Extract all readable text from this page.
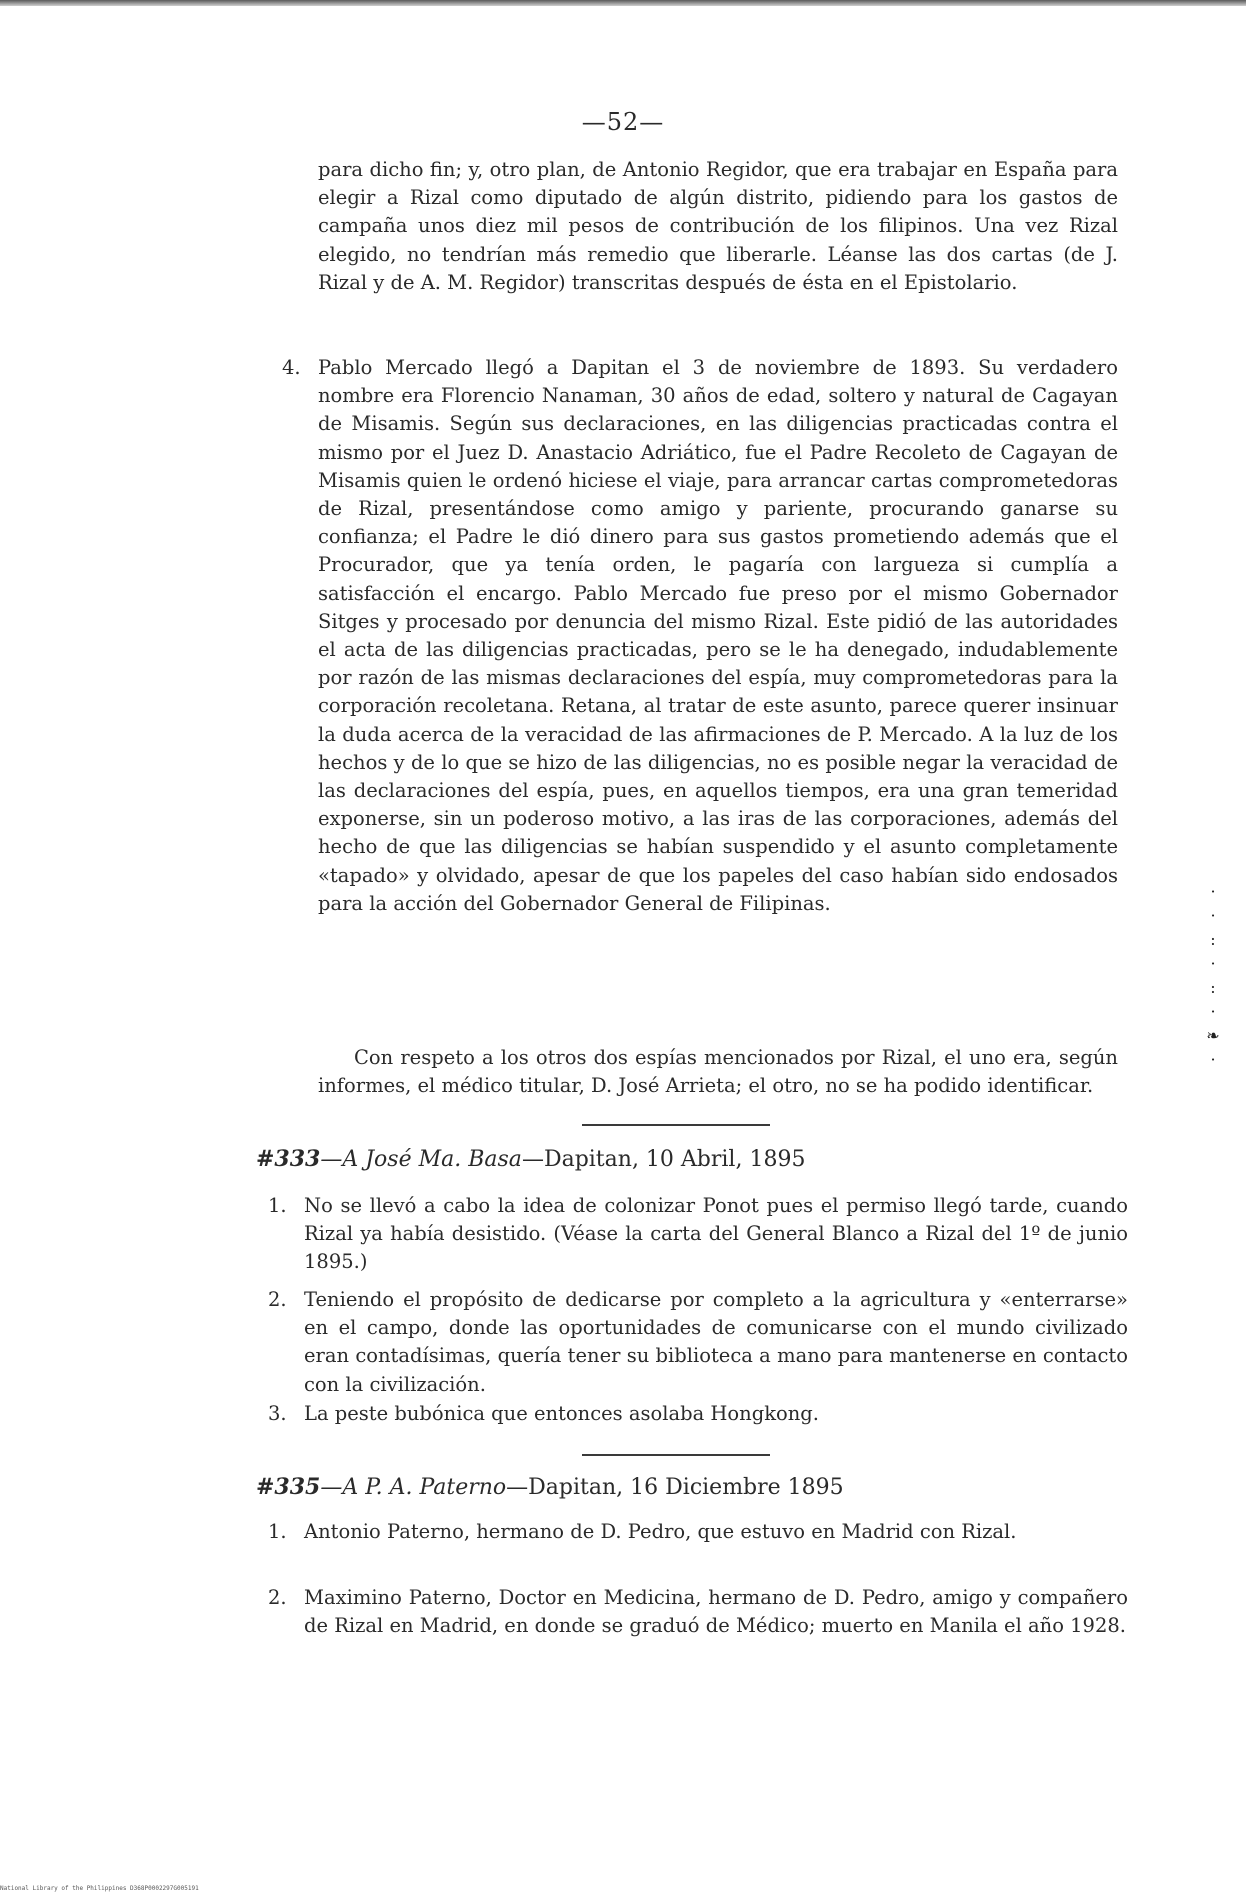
—52—

para dicho fin; y, otro plan, de Antonio Regidor, que era trabajar en España para elegir a Rizal como diputado de algún distrito, pidiendo para los gastos de campaña unos diez mil pesos de contribución de los filipinos. Una vez Rizal elegido, no tendrían más remedio que liberarle. Léanse las dos cartas (de J. Rizal y de A. M. Regidor) transcritas después de ésta en el Epistolario.

4. Pablo Mercado llegó a Dapitan el 3 de noviembre de 1893. Su verdadero nombre era Florencio Nanaman, 30 años de edad, soltero y natural de Cagayan de Misamis. Según sus declaraciones, en las diligencias practicadas contra el mismo por el Juez D. Anastacio Adriático, fue el Padre Recoleto de Cagayan de Misamis quien le ordenó hiciese el viaje, para arrancar cartas comprometedoras de Rizal, presentándose como amigo y pariente, procurando ganarse su confianza; el Padre le dió dinero para sus gastos prometiendo además que el Procurador, que ya tenía orden, le pagaría con largueza si cumplía a satisfacción el encargo. Pablo Mercado fue preso por el mismo Gobernador Sitges y procesado por denuncia del mismo Rizal. Este pidió de las autoridades el acta de las diligencias practicadas, pero se le ha denegado, indudablemente por razón de las mismas declaraciones del espía, muy comprometedoras para la corporación recoletana. Retana, al tratar de este asunto, parece querer insinuar la duda acerca de la veracidad de las afirmaciones de P. Mercado. A la luz de los hechos y de lo que se hizo de las diligencias, no es posible negar la veracidad de las declaraciones del espía, pues, en aquellos tiempos, era una gran temeridad exponerse, sin un poderoso motivo, a las iras de las corporaciones, además del hecho de que las diligencias se habían suspendido y el asunto completamente «tapado» y olvidado, apesar de que los papeles del caso habían sido endosados para la acción del Gobernador General de Filipinas.

Con respeto a los otros dos espías mencionados por Rizal, el uno era, según informes, el médico titular, D. José Arrieta; el otro, no se ha podido identificar.

#333—A José Ma. Basa—Dapitan, 10 Abril, 1895
1. No se llevó a cabo la idea de colonizar Ponot pues el permiso llegó tarde, cuando Rizal ya había desistido. (Véase la carta del General Blanco a Rizal del 1º de junio 1895.)
2. Teniendo el propósito de dedicarse por completo a la agricultura y «enterrarse» en el campo, donde las oportunidades de comunicarse con el mundo civilizado eran contadísimas, quería tener su biblioteca a mano para mantenerse en contacto con la civilización.
3. La peste bubónica que entonces asolaba Hongkong.
#335—A P. A. Paterno—Dapitan, 16 Diciembre 1895
1. Antonio Paterno, hermano de D. Pedro, que estuvo en Madrid con Rizal.
2. Maximino Paterno, Doctor en Medicina, hermano de D. Pedro, amigo y compañero de Rizal en Madrid, en donde se graduó de Médico; muerto en Manila el año 1928.
·
·
:
·
:
·
❧
·
National Library of the Philippines D368P0002297G005191
